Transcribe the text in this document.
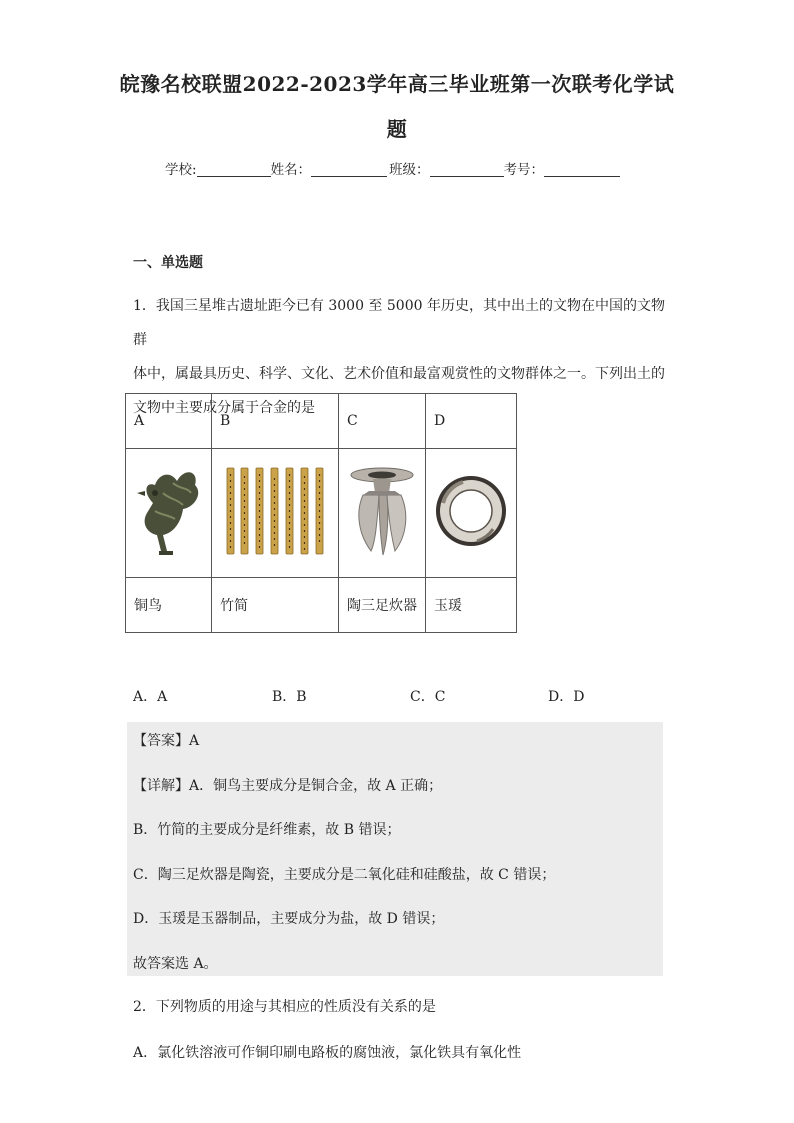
皖豫名校联盟2022-2023学年高三毕业班第一次联考化学试
题
学校:	姓名：	班级：	考号：
一、单选题
1．我国三星堆古遗址距今已有 3000 至 5000 年历史，其中出土的文物在中国的文物群
体中，属最具历史、科学、文化、艺术价值和最富观赏性的文物群体之一。下列出土的
文物中主要成分属于合金的是
A	B	C	D

铜鸟	竹简	陶三足炊器	玉瑗
A．A	B．B	C．C	D．D

【答案】A

【详解】A．铜鸟主要成分是铜合金，故 A 正确；

B．竹简的主要成分是纤维素，故 B 错误；

C．陶三足炊器是陶瓷，主要成分是二氧化硅和硅酸盐，故 C 错误；

D．玉瑗是玉器制品，主要成分为盐，故 D 错误；

故答案选 A。

2．下列物质的用途与其相应的性质没有关系的是
A．氯化铁溶液可作铜印刷电路板的腐蚀液，氯化铁具有氧化性
